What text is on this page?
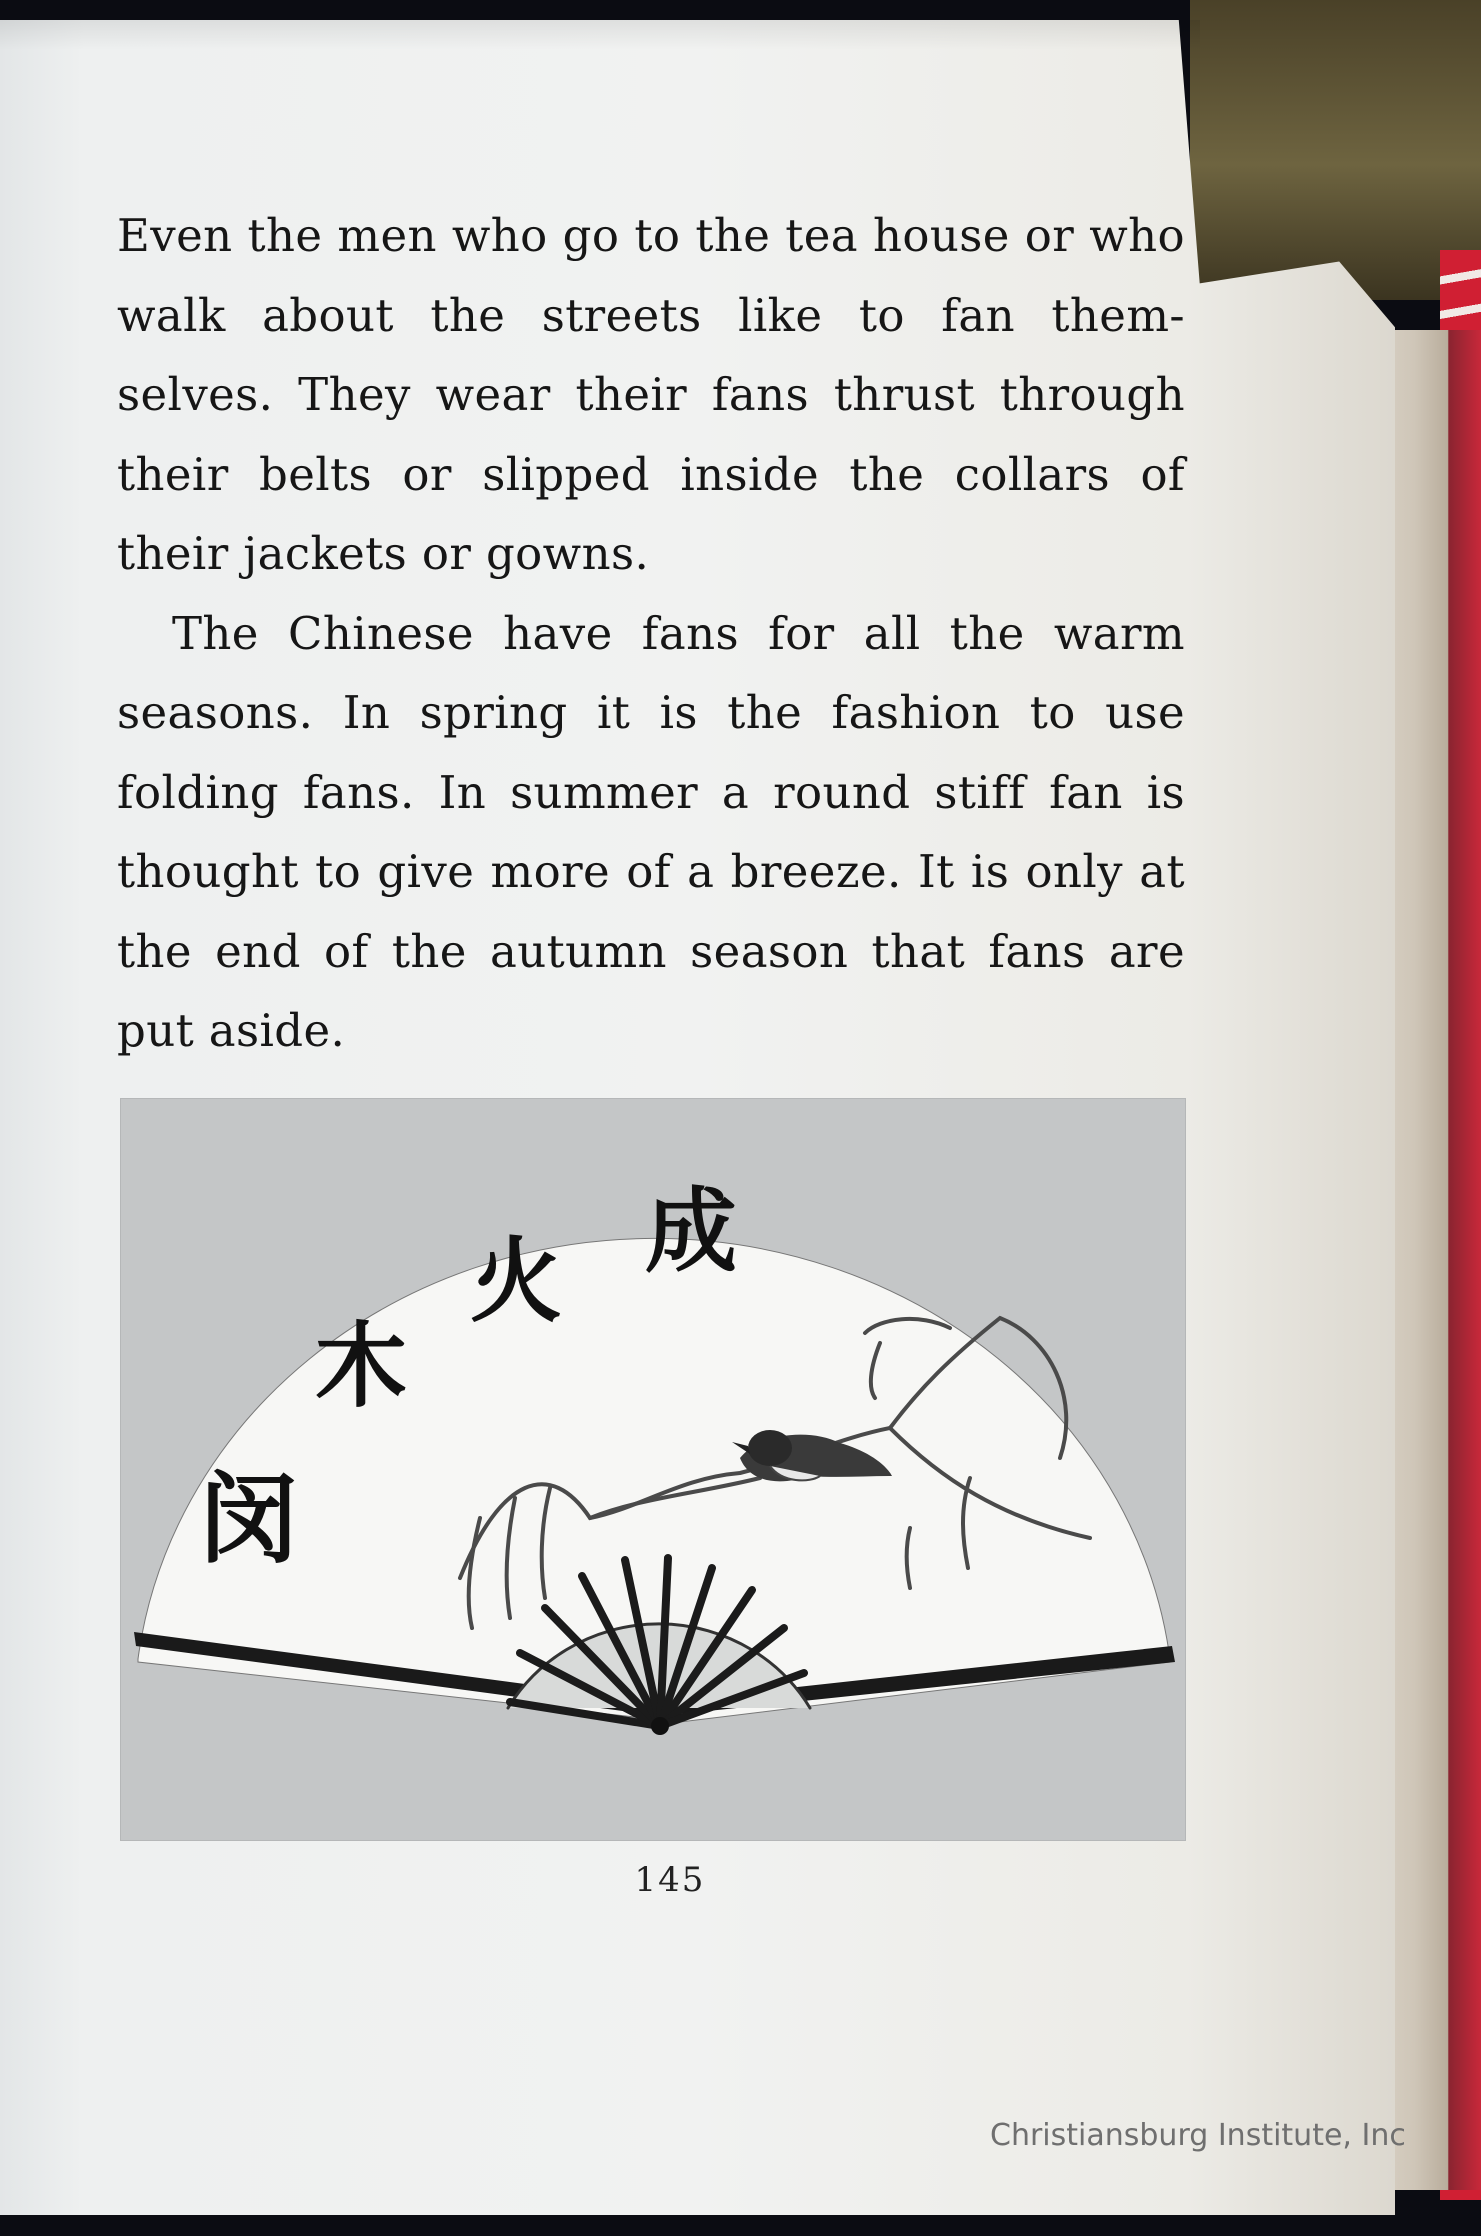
Even the men who go to the tea house or who walk about the streets like to fan them-selves. They wear their fans thrust through their belts or slipped inside the collars of their jackets or gowns.

The Chinese have fans for all the warm seasons. In spring it is the fashion to use folding fans. In summer a round stiff fan is thought to give more of a breeze. It is only at the end of the autumn season that fans are put aside.

闵
木
火 成
145
Christiansburg Institute, Inc
